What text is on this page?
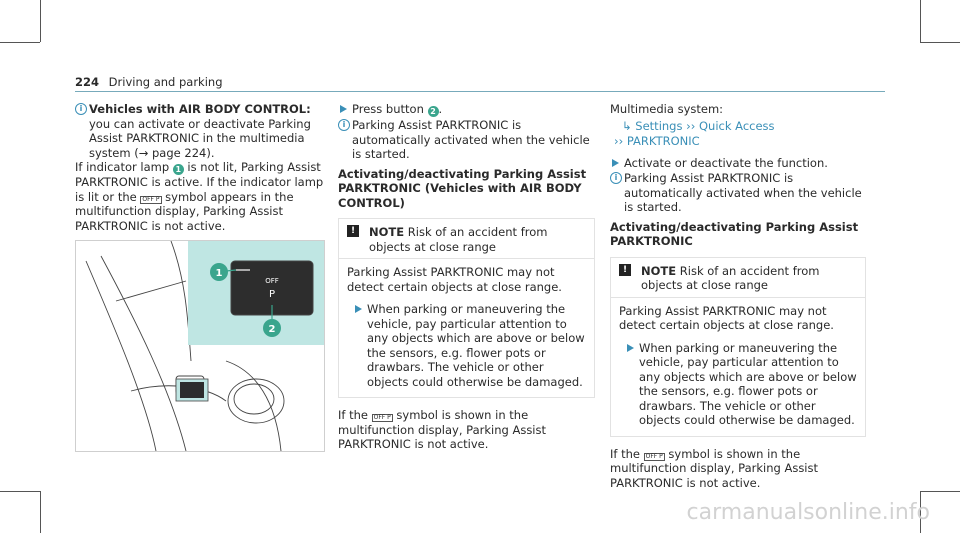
224 Driving and parking
i Vehicles with AIR BODY CONTROL: you can activate or deactivate Parking Assist PARKTRONIC in the multimedia system (→ page 224).

If indicator lamp 1 is not lit, Parking Assist PARKTRONIC is active. If the indicator lamp is lit or the OFF P symbol appears in the multifunction display, Parking Assist PARKTRONIC is not active.

OFF
P
1
2

Press button 2 .

i Parking Assist PARKTRONIC is automatically activated when the vehicle is started.

Activating/deactivating Parking Assist PARKTRONIC (Vehicles with AIR BODY CONTROL)

! NOTE Risk of an accident from objects at close range

Parking Assist PARKTRONIC may not detect certain objects at close range.

When parking or maneuvering the vehicle, pay particular attention to any objects which are above or below the sensors, e.g. flower pots or drawbars. The vehicle or other objects could otherwise be damaged.

If the OFF P symbol is shown in the multifunction display, Parking Assist PARKTRONIC is not active.

Multimedia system:

↳ Settings ›› Quick Access

›› PARKTRONIC

Activate or deactivate the function.

i Parking Assist PARKTRONIC is automatically activated when the vehicle is started.

Activating/deactivating Parking Assist PARKTRONIC

! NOTE Risk of an accident from objects at close range

Parking Assist PARKTRONIC may not detect certain objects at close range.

When parking or maneuvering the vehicle, pay particular attention to any objects which are above or below the sensors, e.g. flower pots or drawbars. The vehicle or other objects could otherwise be damaged.

If the OFF P symbol is shown in the multifunction display, Parking Assist PARKTRONIC is not active.

carmanualsonline.info
